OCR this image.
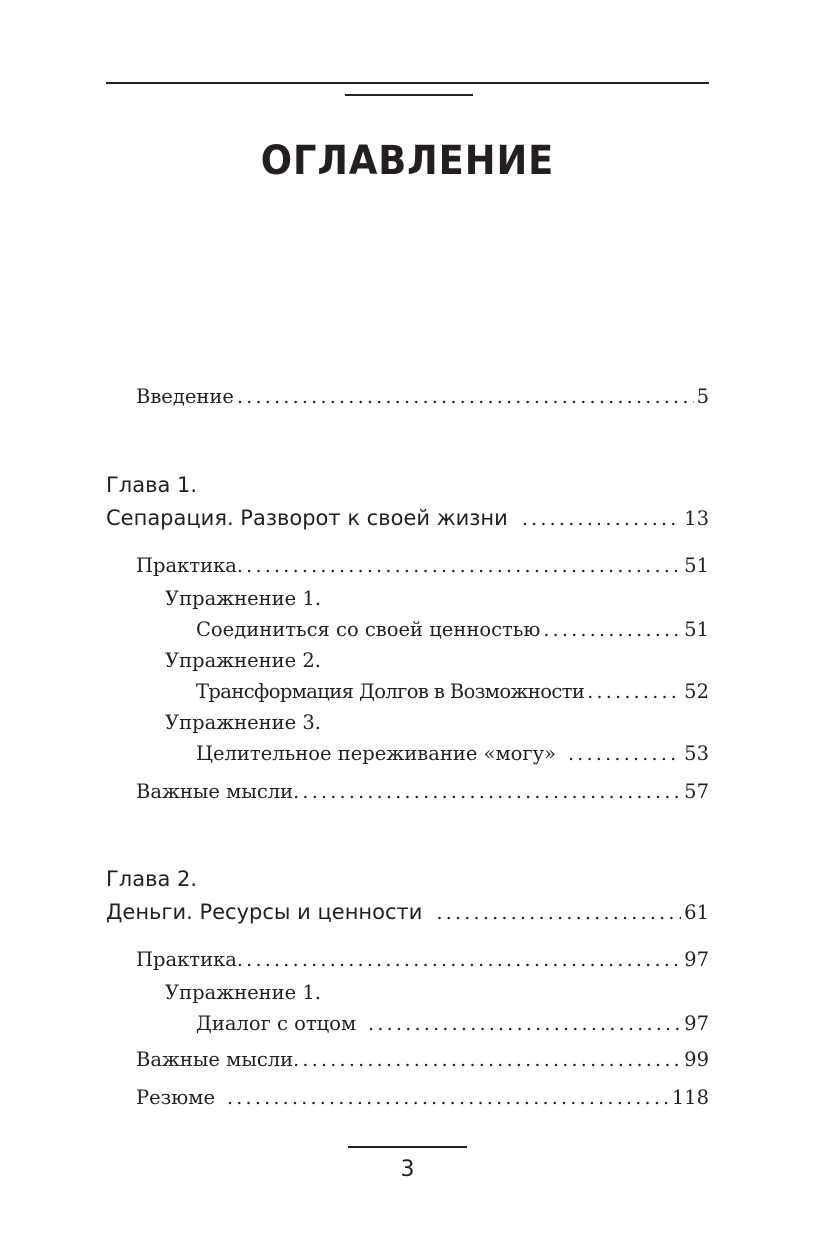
ОГЛАВЛЕНИЕ
Введение . . .	5
Глава 1.
Сепарация. Разворот к своей жизни . . .	13
Практика . . .	51
Упражнение 1.
Соединиться со своей ценностью . . .	51
Упражнение 2.
Трансформация Долгов в Возможности . . .	52
Упражнение 3.
Целительное переживание «могу» . . .	53
Важные мысли . . .	57
Глава 2.
Деньги. Ресурсы и ценности . . .	61
Практика . . .	97
Упражнение 1.
Диалог с отцом . . .	97
Важные мысли . . .	99
Резюме . . .	118
3
